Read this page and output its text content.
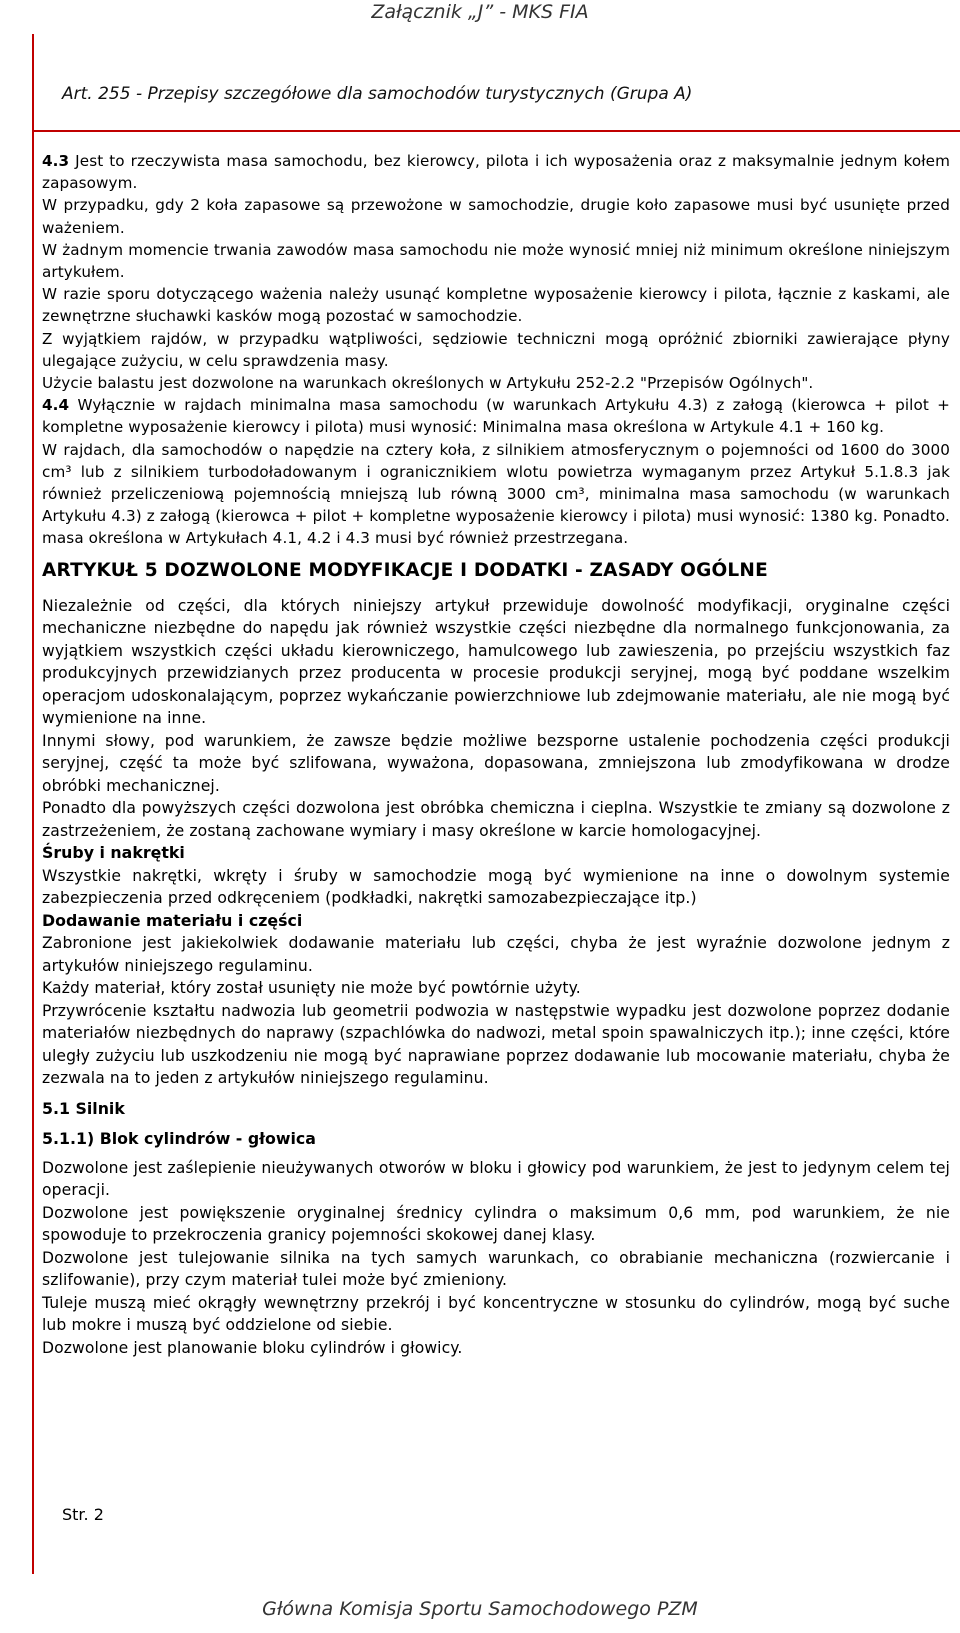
Załącznik „J” - MKS FIA
Art. 255 - Przepisy szczegółowe dla samochodów turystycznych (Grupa A)

4.3 Jest to rzeczywista masa samochodu, bez kierowcy, pilota i ich wyposażenia oraz z maksymalnie jednym kołem zapasowym.

W przypadku, gdy 2 koła zapasowe są przewożone w samochodzie, drugie koło zapasowe musi być usunięte przed ważeniem.

W żadnym momencie trwania zawodów masa samochodu nie może wynosić mniej niż minimum określone niniejszym artykułem.

W razie sporu dotyczącego ważenia należy usunąć kompletne wyposażenie kierowcy i pilota, łącznie z kaskami, ale zewnętrzne słuchawki kasków mogą pozostać w samochodzie.

Z wyjątkiem rajdów, w przypadku wątpliwości, sędziowie techniczni mogą opróżnić zbiorniki zawierające płyny ulegające zużyciu, w celu sprawdzenia masy.

Użycie balastu jest dozwolone na warunkach określonych w Artykułu 252-2.2 "Przepisów Ogólnych".

4.4 Wyłącznie w rajdach minimalna masa samochodu (w warunkach Artykułu 4.3) z załogą (kierowca + pilot + kompletne wyposażenie kierowcy i pilota) musi wynosić: Minimalna masa określona w Artykule 4.1 + 160 kg.

W rajdach, dla samochodów o napędzie na cztery koła, z silnikiem atmosferycznym o pojemności od 1600 do 3000 cm³ lub z silnikiem turbodoładowanym i ogranicznikiem wlotu powietrza wymaganym przez Artykuł 5.1.8.3 jak również przeliczeniową pojemnością mniejszą lub równą 3000 cm³, minimalna masa samochodu (w warunkach Artykułu 4.3) z załogą (kierowca + pilot + kompletne wyposażenie kierowcy i pilota) musi wynosić: 1380 kg. Ponadto. masa określona w Artykułach 4.1, 4.2 i 4.3 musi być również przestrzegana.

ARTYKUŁ 5 DOZWOLONE MODYFIKACJE I DODATKI - ZASADY OGÓLNE

Niezależnie od części, dla których niniejszy artykuł przewiduje dowolność modyfikacji, oryginalne części mechaniczne niezbędne do napędu jak również wszystkie części niezbędne dla normalnego funkcjonowania, za wyjątkiem wszystkich części układu kierowniczego, hamulcowego lub zawieszenia, po przejściu wszystkich faz produkcyjnych przewidzianych przez producenta w procesie produkcji seryjnej, mogą być poddane wszelkim operacjom udoskonalającym, poprzez wykańczanie powierzchniowe lub zdejmowanie materiału, ale nie mogą być wymienione na inne.

Innymi słowy, pod warunkiem, że zawsze będzie możliwe bezsporne ustalenie pochodzenia części produkcji seryjnej, część ta może być szlifowana, wyważona, dopasowana, zmniejszona lub zmodyfikowana w drodze obróbki mechanicznej.

Ponadto dla powyższych części dozwolona jest obróbka chemiczna i cieplna. Wszystkie te zmiany są dozwolone z zastrzeżeniem, że zostaną zachowane wymiary i masy określone w karcie homologacyjnej.

Śruby i nakrętki

Wszystkie nakrętki, wkręty i śruby w samochodzie mogą być wymienione na inne o dowolnym systemie zabezpieczenia przed odkręceniem (podkładki, nakrętki samozabezpieczające itp.)

Dodawanie materiału i części

Zabronione jest jakiekolwiek dodawanie materiału lub części, chyba że jest wyraźnie dozwolone jednym z artykułów niniejszego regulaminu.

Każdy materiał, który został usunięty nie może być powtórnie użyty.

Przywrócenie kształtu nadwozia lub geometrii podwozia w następstwie wypadku jest dozwolone poprzez dodanie materiałów niezbędnych do naprawy (szpachlówka do nadwozi, metal spoin spawalniczych itp.); inne części, które uległy zużyciu lub uszkodzeniu nie mogą być naprawiane poprzez dodawanie lub mocowanie materiału, chyba że zezwala na to jeden z artykułów niniejszego regulaminu.

5.1 Silnik
5.1.1) Blok cylindrów - głowica

Dozwolone jest zaślepienie nieużywanych otworów w bloku i głowicy pod warunkiem, że jest to jedynym celem tej operacji.

Dozwolone jest powiększenie oryginalnej średnicy cylindra o maksimum 0,6 mm, pod warunkiem, że nie spowoduje to przekroczenia granicy pojemności skokowej danej klasy.

Dozwolone jest tulejowanie silnika na tych samych warunkach, co obrabianie mechaniczna (rozwiercanie i szlifowanie), przy czym materiał tulei może być zmieniony.

Tuleje muszą mieć okrągły wewnętrzny przekrój i być koncentryczne w stosunku do cylindrów, mogą być suche lub mokre i muszą być oddzielone od siebie.

Dozwolone jest planowanie bloku cylindrów i głowicy.

Str. 2
Główna Komisja Sportu Samochodowego PZM
